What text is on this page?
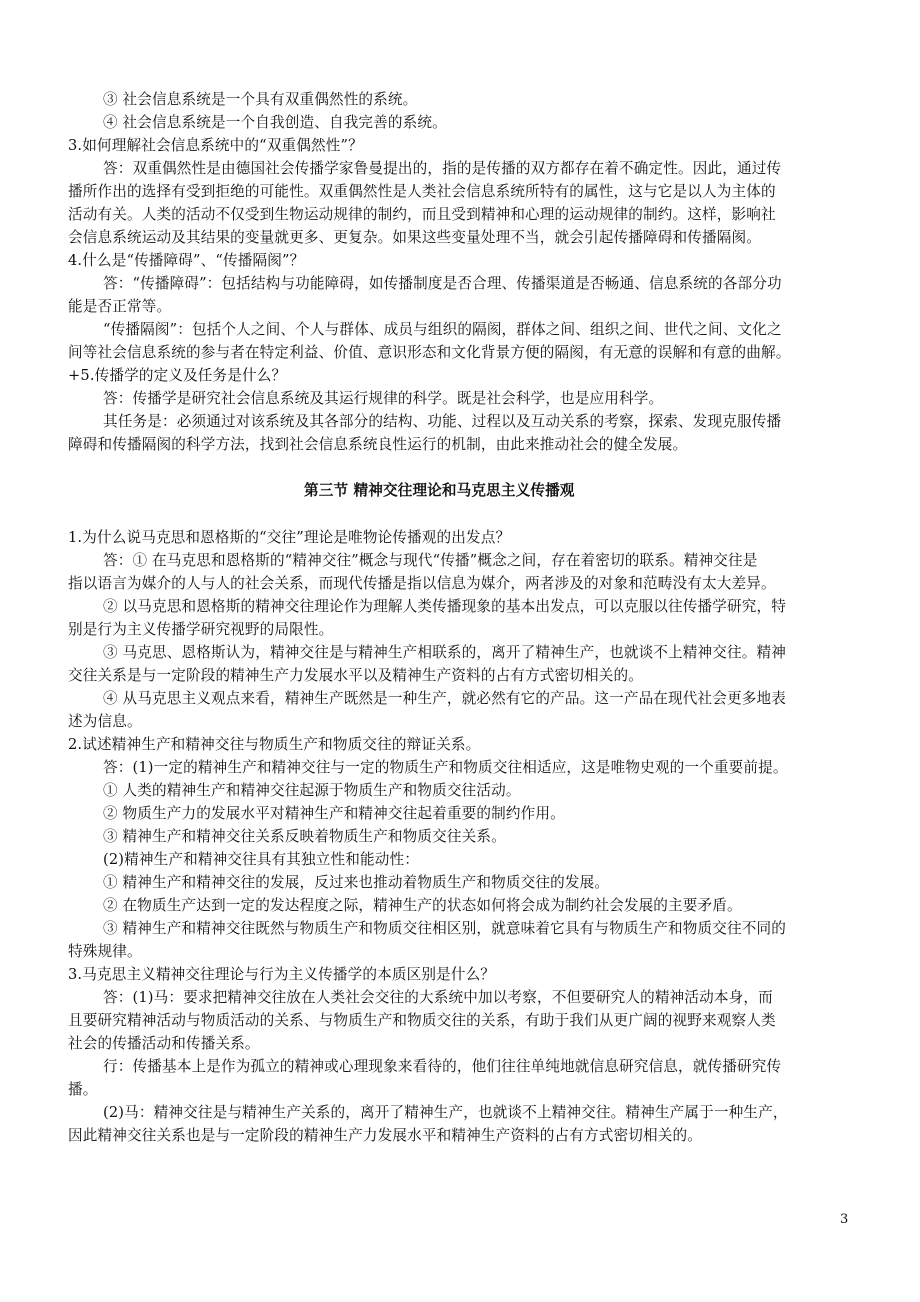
③ 社会信息系统是一个具有双重偶然性的系统。
④ 社会信息系统是一个自我创造、自我完善的系统。
3.如何理解社会信息系统中的“双重偶然性”？
答：双重偶然性是由德国社会传播学家鲁曼提出的，指的是传播的双方都存在着不确定性。因此，通过传
播所作出的选择有受到拒绝的可能性。双重偶然性是人类社会信息系统所特有的属性，这与它是以人为主体的
活动有关。人类的活动不仅受到生物运动规律的制约，而且受到精神和心理的运动规律的制约。这样，影响社
会信息系统运动及其结果的变量就更多、更复杂。如果这些变量处理不当，就会引起传播障碍和传播隔阂。
4.什么是“传播障碍”、“传播隔阂”？
答：“传播障碍”：包括结构与功能障碍，如传播制度是否合理、传播渠道是否畅通、信息系统的各部分功
能是否正常等。
“传播隔阂”：包括个人之间、个人与群体、成员与组织的隔阂，群体之间、组织之间、世代之间、文化之
间等社会信息系统的参与者在特定利益、价值、意识形态和文化背景方便的隔阂，有无意的误解和有意的曲解。
+5.传播学的定义及任务是什么？
答：传播学是研究社会信息系统及其运行规律的科学。既是社会科学，也是应用科学。
其任务是：必须通过对该系统及其各部分的结构、功能、过程以及互动关系的考察，探索、发现克服传播
障碍和传播隔阂的科学方法，找到社会信息系统良性运行的机制，由此来推动社会的健全发展。
第三节 精神交往理论和马克思主义传播观
1.为什么说马克思和恩格斯的“交往”理论是唯物论传播观的出发点？
答：① 在马克思和恩格斯的“精神交往”概念与现代“传播”概念之间，存在着密切的联系。精神交往是
指以语言为媒介的人与人的社会关系，而现代传播是指以信息为媒介，两者涉及的对象和范畴没有太大差异。
② 以马克思和恩格斯的精神交往理论作为理解人类传播现象的基本出发点，可以克服以往传播学研究，特
别是行为主义传播学研究视野的局限性。
③ 马克思、恩格斯认为，精神交往是与精神生产相联系的，离开了精神生产，也就谈不上精神交往。精神
交往关系是与一定阶段的精神生产力发展水平以及精神生产资料的占有方式密切相关的。
④ 从马克思主义观点来看，精神生产既然是一种生产，就必然有它的产品。这一产品在现代社会更多地表
述为信息。
2.试述精神生产和精神交往与物质生产和物质交往的辩证关系。
答：(1)一定的精神生产和精神交往与一定的物质生产和物质交往相适应，这是唯物史观的一个重要前提。
① 人类的精神生产和精神交往起源于物质生产和物质交往活动。
② 物质生产力的发展水平对精神生产和精神交往起着重要的制约作用。
③ 精神生产和精神交往关系反映着物质生产和物质交往关系。
(2)精神生产和精神交往具有其独立性和能动性：
① 精神生产和精神交往的发展，反过来也推动着物质生产和物质交往的发展。
② 在物质生产达到一定的发达程度之际，精神生产的状态如何将会成为制约社会发展的主要矛盾。
③ 精神生产和精神交往既然与物质生产和物质交往相区别，就意味着它具有与物质生产和物质交往不同的
特殊规律。
3.马克思主义精神交往理论与行为主义传播学的本质区别是什么？
答：(1)马：要求把精神交往放在人类社会交往的大系统中加以考察，不但要研究人的精神活动本身，而
且要研究精神活动与物质活动的关系、与物质生产和物质交往的关系，有助于我们从更广阔的视野来观察人类
社会的传播活动和传播关系。
行：传播基本上是作为孤立的精神或心理现象来看待的，他们往往单纯地就信息研究信息，就传播研究传
播。
(2)马：精神交往是与精神生产关系的，离开了精神生产，也就谈不上精神交往。精神生产属于一种生产，
因此精神交往关系也是与一定阶段的精神生产力发展水平和精神生产资料的占有方式密切相关的。
3
